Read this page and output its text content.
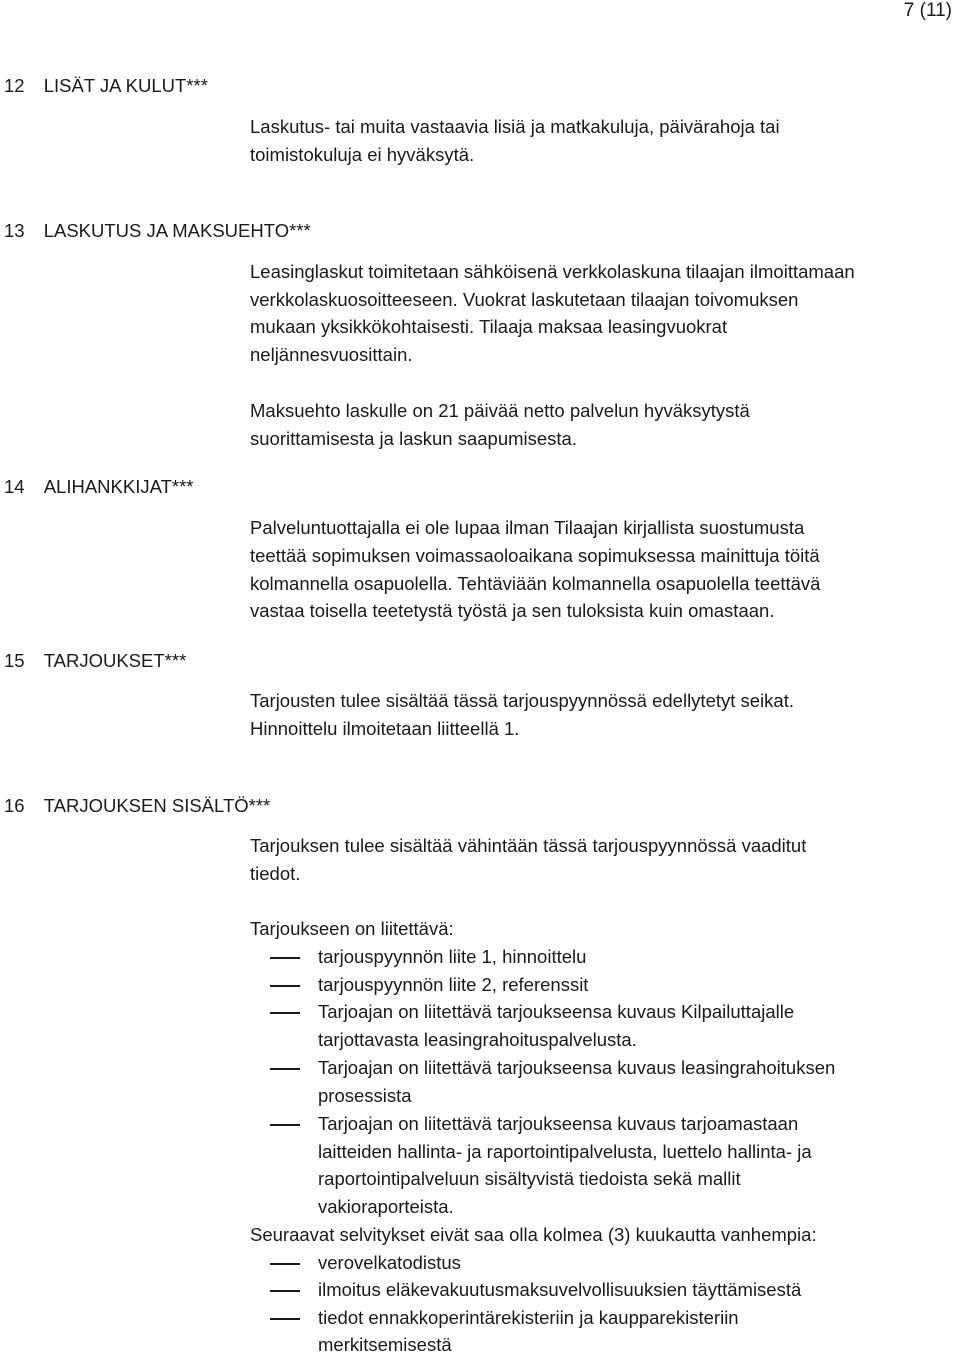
7 (11)
12 LISÄT JA KULUT***
Laskutus- tai muita vastaavia lisiä ja matkakuluja, päivärahoja tai
toimistokuluja ei hyväksytä.
13 LASKUTUS JA MAKSUEHTO***
Leasinglaskut toimitetaan sähköisenä verkkolaskuna tilaajan ilmoittamaan
verkkolaskuosoitteeseen. Vuokrat laskutetaan tilaajan toivomuksen
mukaan yksikkökohtaisesti. Tilaaja maksaa leasingvuokrat
neljännesvuosittain.
Maksuehto laskulle on 21 päivää netto palvelun hyväksytystä
suorittamisesta ja laskun saapumisesta.
14 ALIHANKKIJAT***
Palveluntuottajalla ei ole lupaa ilman Tilaajan kirjallista suostumusta
teettää sopimuksen voimassaoloaikana sopimuksessa mainittuja töitä
kolmannella osapuolella. Tehtäviään kolmannella osapuolella teettävä
vastaa toisella teetetystä työstä ja sen tuloksista kuin omastaan.
15 TARJOUKSET***
Tarjousten tulee sisältää tässä tarjouspyynnössä edellytetyt seikat.
Hinnoittelu ilmoitetaan liitteellä 1.
16 TARJOUKSEN SISÄLTÖ***
Tarjouksen tulee sisältää vähintään tässä tarjouspyynnössä vaaditut
tiedot.
Tarjoukseen on liitettävä:
tarjouspyynnön liite 1, hinnoittelu
tarjouspyynnön liite 2, referenssit
Tarjoajan on liitettävä tarjoukseensa kuvaus Kilpailuttajalle
tarjottavasta leasingrahoituspalvelusta.
Tarjoajan on liitettävä tarjoukseensa kuvaus leasingrahoituksen
prosessista
Tarjoajan on liitettävä tarjoukseensa kuvaus tarjoamastaan
laitteiden hallinta- ja raportointipalvelusta, luettelo hallinta- ja
raportointipalveluun sisältyvistä tiedoista sekä mallit
vakioraporteista.
Seuraavat selvitykset eivät saa olla kolmea (3) kuukautta vanhempia:
verovelkatodistus
ilmoitus eläkevakuutusmaksuvelvollisuuksien täyttämisestä
tiedot ennakkoperintärekisteriin ja kaupparekisteriin
merkitsemisestä
